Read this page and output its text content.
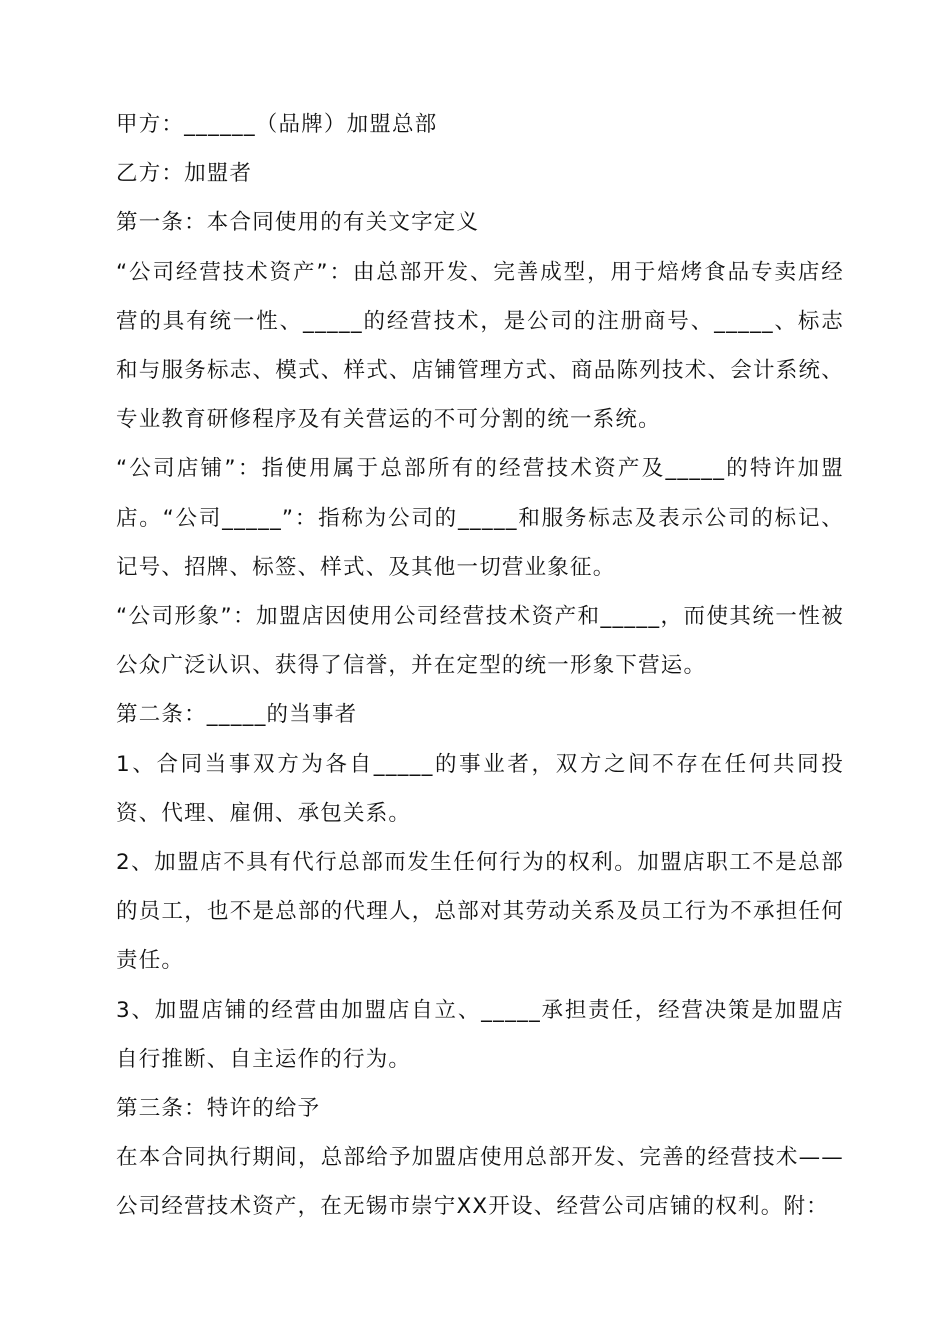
甲方：______（品牌）加盟总部

乙方：加盟者

第一条：本合同使用的有关文字定义

“公司经营技术资产”：由总部开发、完善成型，用于焙烤食品专卖店经营的具有统一性、_____的经营技术，是公司的注册商号、_____、标志和与服务标志、模式、样式、店铺管理方式、商品陈列技术、会计系统、专业教育研修程序及有关营运的不可分割的统一系统。

“公司店铺”：指使用属于总部所有的经营技术资产及_____的特许加盟店。“公司_____”：指称为公司的_____和服务标志及表示公司的标记、记号、招牌、标签、样式、及其他一切营业象征。

“公司形象”：加盟店因使用公司经营技术资产和_____，而使其统一性被公众广泛认识、获得了信誉，并在定型的统一形象下营运。

第二条：_____的当事者

1、合同当事双方为各自_____的事业者，双方之间不存在任何共同投资、代理、雇佣、承包关系。

2、加盟店不具有代行总部而发生任何行为的权利。加盟店职工不是总部的员工，也不是总部的代理人，总部对其劳动关系及员工行为不承担任何责任。

3、加盟店铺的经营由加盟店自立、_____承担责任，经营决策是加盟店自行推断、自主运作的行为。

第三条：特许的给予

在本合同执行期间，总部给予加盟店使用总部开发、完善的经营技术——公司经营技术资产，在无锡市崇宁XX开设、经营公司店铺的权利。附：
